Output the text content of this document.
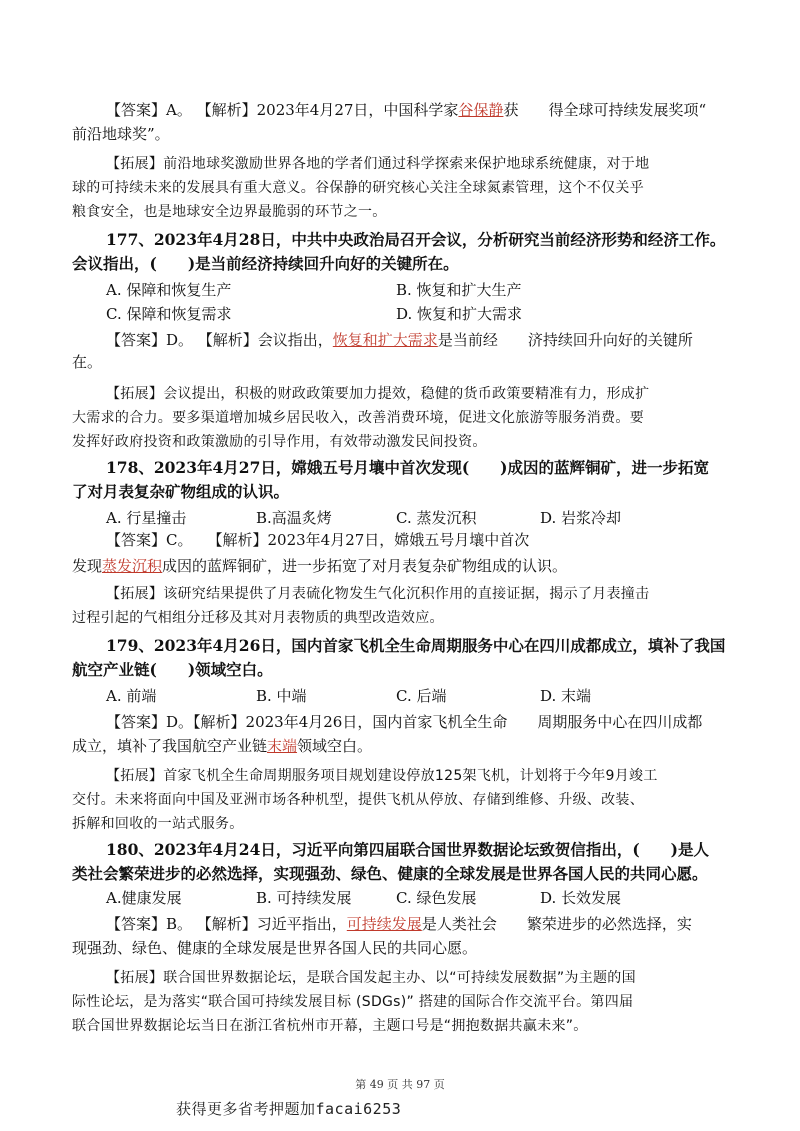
【答案】A。 【解析】2023年4月27日，中国科学家谷保静获　　得全球可持续发展奖项“
前沿地球奖”。
【拓展】前沿地球奖激励世界各地的学者们通过科学探索来保护地球系统健康，对于地
球的可持续未来的发展具有重大意义。谷保静的研究核心关注全球氮素管理，这个不仅关乎
粮食安全，也是地球安全边界最脆弱的环节之一。
177、2023年4月28日，中共中央政治局召开会议，分析研究当前经济形势和经济工作。
会议指出，(　　)是当前经济持续回升向好的关键所在。
A. 保障和恢复生产	B. 恢复和扩大生产
C. 保障和恢复需求	D. 恢复和扩大需求
【答案】D。 【解析】会议指出，恢复和扩大需求是当前经　　济持续回升向好的关键所
在。
【拓展】会议提出，积极的财政政策要加力提效，稳健的货币政策要精准有力，形成扩
大需求的合力。要多渠道增加城乡居民收入，改善消费环境，促进文化旅游等服务消费。要
发挥好政府投资和政策激励的引导作用，有效带动激发民间投资。
178、2023年4月27日，嫦娥五号月壤中首次发现(　　)成因的蓝辉铜矿，进一步拓宽
了对月表复杂矿物组成的认识。
A. 行星撞击	B.高温炙烤	C. 蒸发沉积	D. 岩浆冷却
【答案】C。　　【解析】2023年4月27日，嫦娥五号月壤中首次
发现蒸发沉积成因的蓝辉铜矿，进一步拓宽了对月表复杂矿物组成的认识。
【拓展】该研究结果提供了月表硫化物发生气化沉积作用的直接证据，揭示了月表撞击
过程引起的气相组分迁移及其对月表物质的典型改造效应。
179、2023年4月26日，国内首家飞机全生命周期服务中心在四川成都成立，填补了我国
航空产业链(　　)领域空白。
A. 前端	B. 中端	C. 后端	D. 末端
【答案】D。【解析】2023年4月26日，国内首家飞机全生命　　周期服务中心在四川成都
成立，填补了我国航空产业链末端领域空白。
【拓展】首家飞机全生命周期服务项目规划建设停放125架飞机，计划将于今年9月竣工
交付。未来将面向中国及亚洲市场各种机型，提供飞机从停放、存储到维修、升级、改装、
拆解和回收的一站式服务。
180、2023年4月24日，习近平向第四届联合国世界数据论坛致贺信指出，(　　)是人
类社会繁荣进步的必然选择，实现强劲、绿色、健康的全球发展是世界各国人民的共同心愿。
A.健康发展	B. 可持续发展	C. 绿色发展	D. 长效发展
【答案】B。 【解析】习近平指出，可持续发展是人类社会　　繁荣进步的必然选择，实
现强劲、绿色、健康的全球发展是世界各国人民的共同心愿。
【拓展】联合国世界数据论坛，是联合国发起主办、以“可持续发展数据”为主题的国
际性论坛，是为落实“联合国可持续发展目标 (SDGs)” 搭建的国际合作交流平台。第四届
联合国世界数据论坛当日在浙江省杭州市开幕，主题口号是“拥抱数据共赢未来”。
第 49 页 共 97 页
获得更多省考押题加facai6253
